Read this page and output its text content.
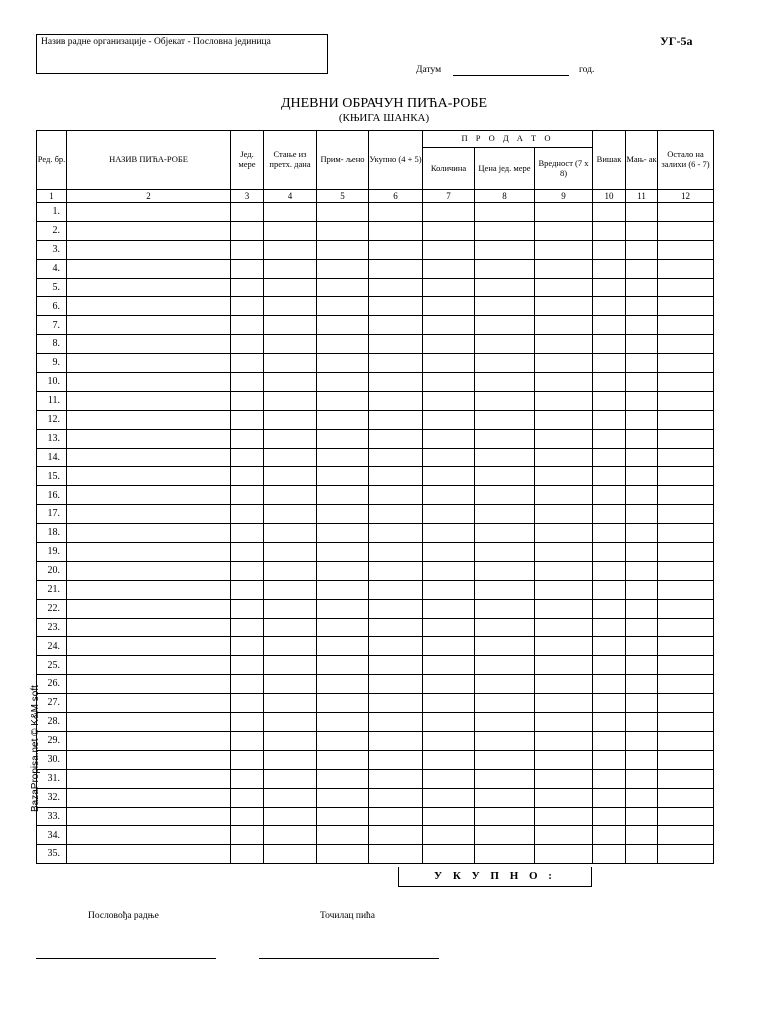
Назив радне организације - Објекат - Пословна јединица	УГ-5а
Датум	год.
ДНЕВНИ ОБРАЧУН ПИЋА-РОБЕ
(КЊИГА ШАНКА)
Ред. бр.	НАЗИВ ПИЋА-РОБЕ	Јед. мере	Стање из претх. дана	Прим- љено	Укупно (4 + 5)	П Р О Д А Т О			Вишак	Мањ- ак	Остало на залихи (6 - 7)
						Количина	Цена јед. мере	Вредност (7 x 8)			
1	2	3	4	5	6	7	8	9	10	11	12
1.											
2.											
3.											
4.											
5.											
6.											
7.											
8.											
9.											
10.											
11.											
12.											
13.											
14.											
15.											
16.											
17.											
18.											
19.											
20.											
21.											
22.											
23.											
24.											
25.											
26.											
27.											
28.											
29.											
30.											
31.											
32.											
33.											
34.											
35.											
У К У П Н О :
Пословођа радње	Точилац пића
BazaPropisa.net © K&M soft
